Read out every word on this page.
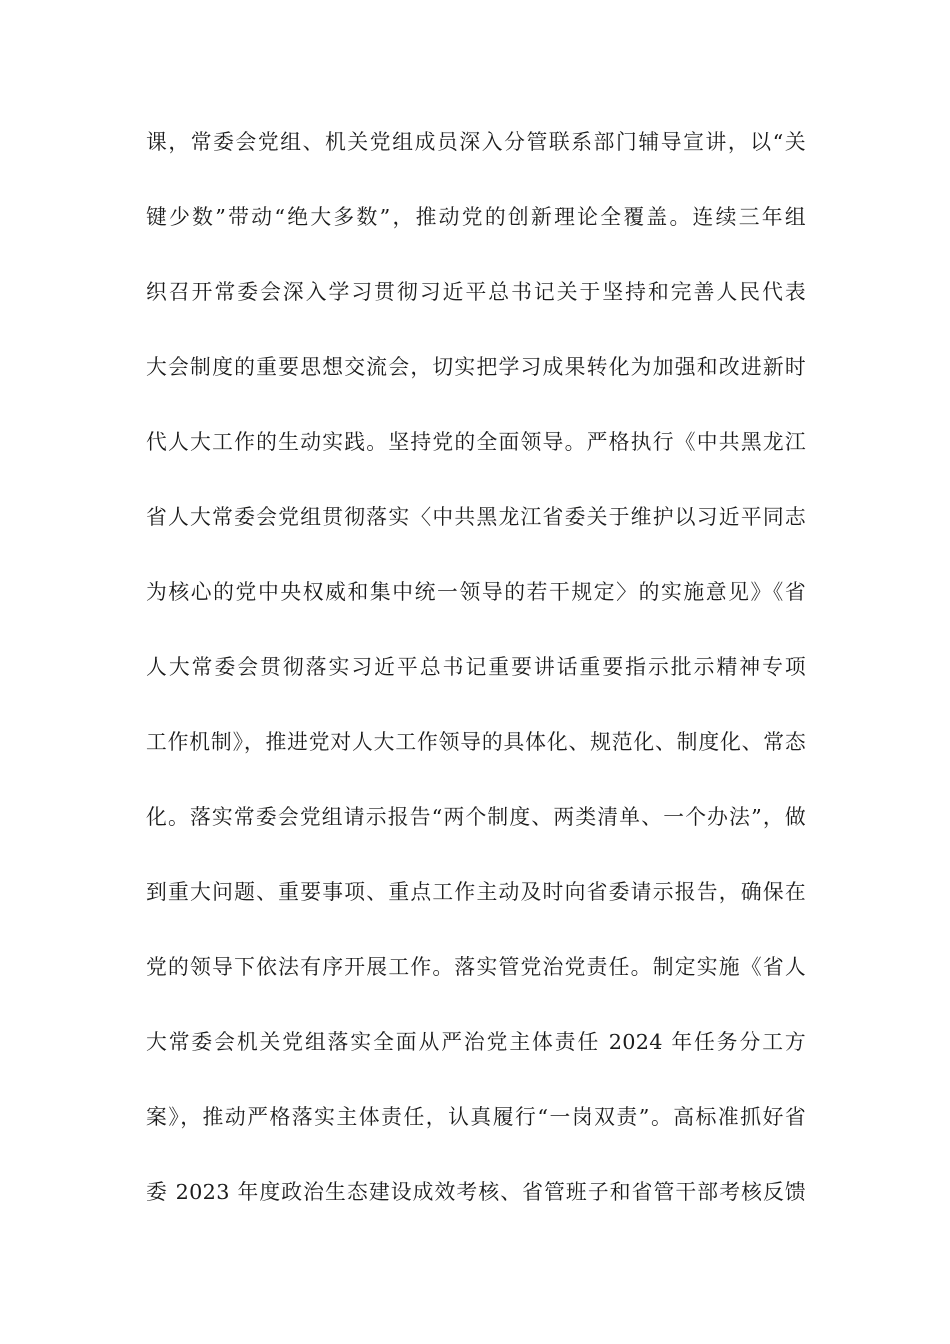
课，常委会党组、机关党组成员深入分管联系部门辅导宣讲，以“关
键少数”带动“绝大多数”，推动党的创新理论全覆盖。连续三年组
织召开常委会深入学习贯彻习近平总书记关于坚持和完善人民代表
大会制度的重要思想交流会，切实把学习成果转化为加强和改进新时
代人大工作的生动实践。坚持党的全面领导。严格执行《中共黑龙江
省人大常委会党组贯彻落实〈中共黑龙江省委关于维护以习近平同志
为核心的党中央权威和集中统一领导的若干规定〉的实施意见》《省
人大常委会贯彻落实习近平总书记重要讲话重要指示批示精神专项
工作机制》，推进党对人大工作领导的具体化、规范化、制度化、常态
化。落实常委会党组请示报告“两个制度、两类清单、一个办法”，做
到重大问题、重要事项、重点工作主动及时向省委请示报告，确保在
党的领导下依法有序开展工作。落实管党治党责任。制定实施《省人
大常委会机关党组落实全面从严治党主体责任 2024 年任务分工方
案》，推动严格落实主体责任，认真履行“一岗双责”。高标准抓好省
委 2023 年度政治生态建设成效考核、省管班子和省管干部考核反馈
